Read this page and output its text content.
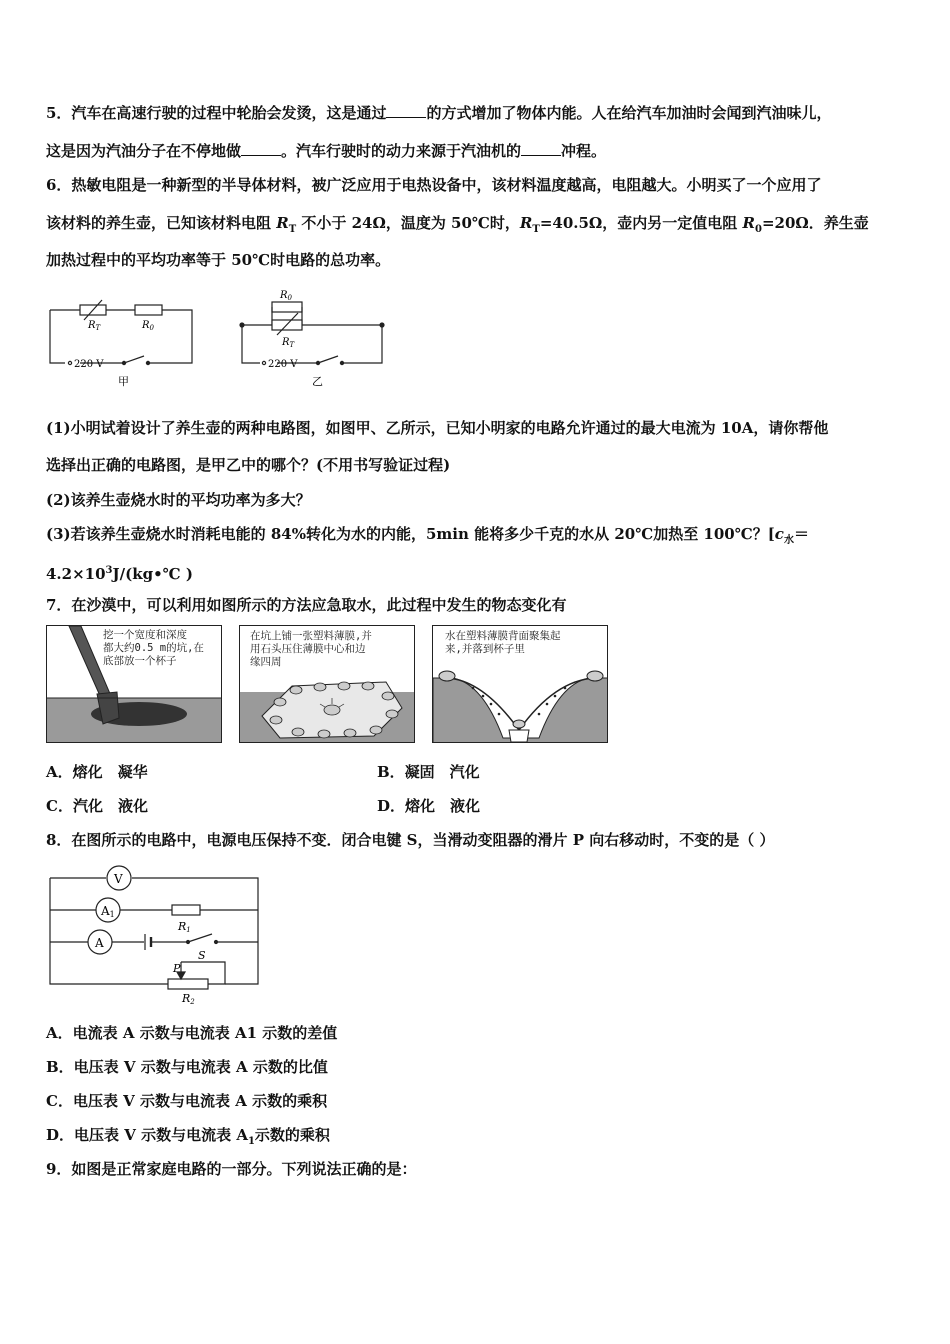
5．汽车在高速行驶的过程中轮胎会发烫，这是通过	的方式增加了物体内能。人在给汽车加油时会闻到汽油味儿，
这是因为汽油分子在不停地做	。汽车行驶时的动力来源于汽油机的	冲程。
6．热敏电阻是一种新型的半导体材料，被广泛应用于电热设备中，该材料温度越高，电阻越大。小明买了一个应用了
该材料的养生壶，已知该材料电阻 $R_T$ 不小于 24Ω，温度为 50℃时，$R_T=40.5\Omega$，壶内另一定值电阻 $R_0=20\Omega$．养生壶
加热过程中的平均功率等于 50℃时电路的总功率。
$R_T$	$R_0$
220 V
甲
$R_0$
$R_T$
220 V
乙
(1)小明试着设计了养生壶的两种电路图，如图甲、乙所示，已知小明家的电路允许通过的最大电流为 10A，请你帮他
选择出正确的电路图，是甲乙中的哪个？(不用书写验证过程)
(2)该养生壶烧水时的平均功率为多大？
(3)若该养生壶烧水时消耗电能的 84%转化为水的内能，5min 能将多少千克的水从 20℃加热至 100℃？[$c_水=$
$4.2\times 10^3J/(kg•℃$ )
7．在沙漠中，可以利用如图所示的方法应急取水，此过程中发生的物态变化有
挖一个宽度和深度
都大约0.5 m的坑,在
底部放一个杯子
在坑上铺一张塑料薄膜,并
用石头压住薄膜中心和边
缘四周
水在塑料薄膜背面聚集起
来,并落到杯子里
A．熔化　凝华	B．凝固　汽化
C．汽化　液化	D．熔化　液化
8．在图所示的电路中，电源电压保持不变．闭合电键 S，当滑动变阻器的滑片 P 向右移动时，不变的是（ ）
V
A1
A
R1
S
P
R2
A．电流表 A 示数与电流表 A1 示数的差值
B．电压表 V 示数与电流表 A 示数的比值
C．电压表 V 示数与电流表 A 示数的乘积
D．电压表 V 示数与电流表 $A_1$示数的乘积
9．如图是正常家庭电路的一部分。下列说法正确的是：
